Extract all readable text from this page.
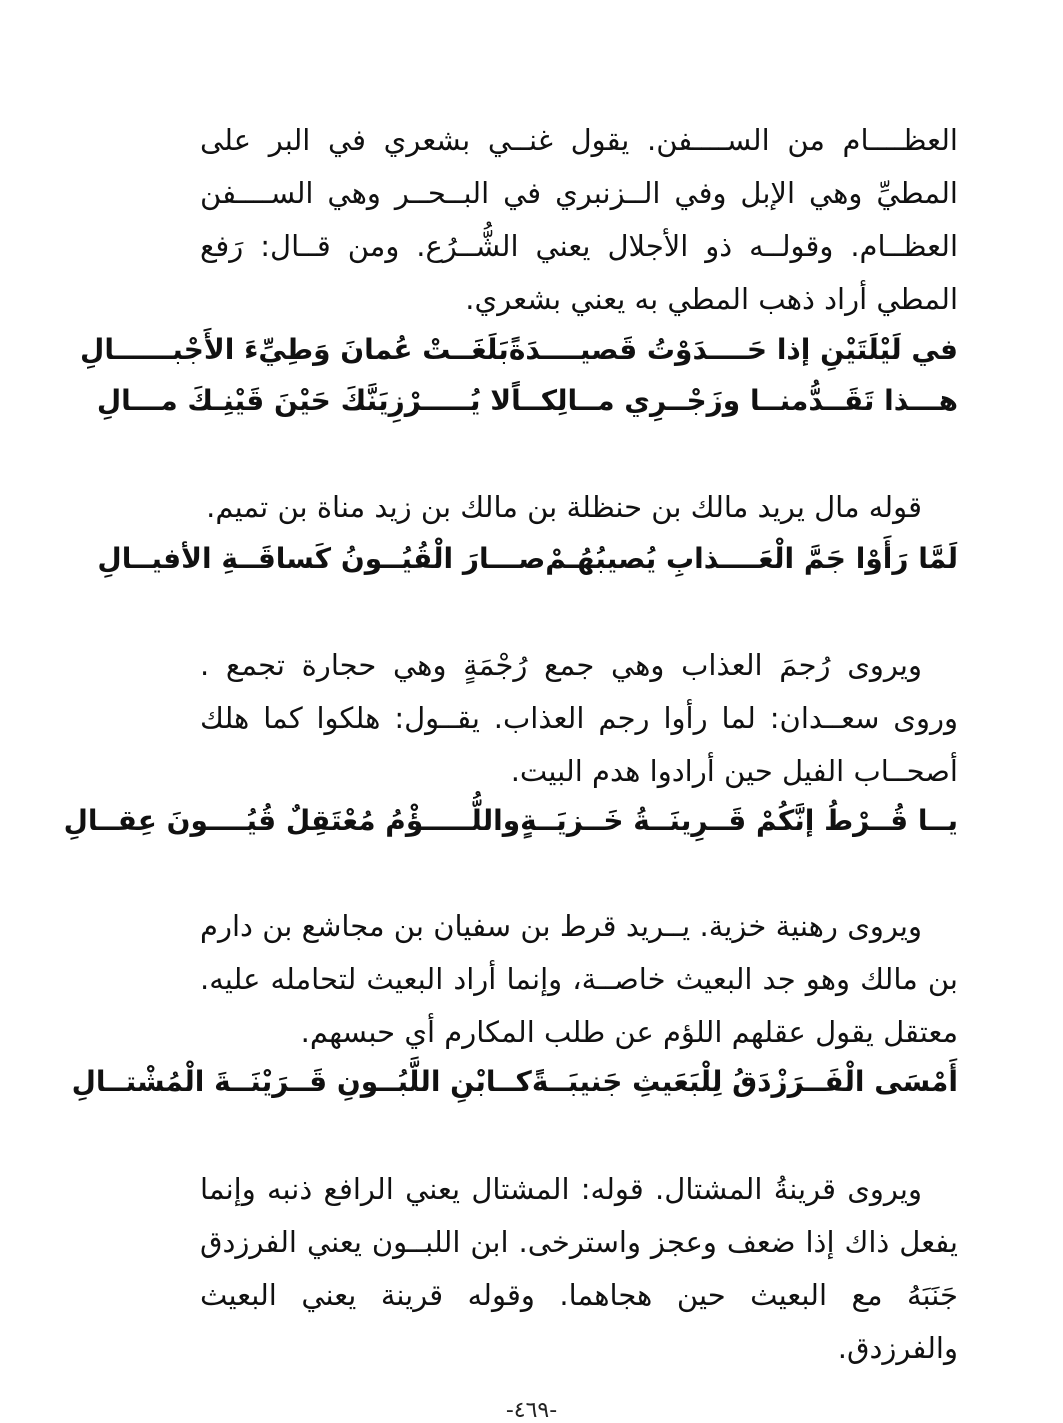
العظــــام من الســــفن. يقول غنــي بشعري في البر على المطيِّ وهي الإبل وفي الــزنبري في البــحــر وهي الســــفن العظــام. وقولــه ذو الأجلال يعني الشُّــرُع. ومن قــال: رَفع المطي أراد ذهب المطي به يعني بشعري.

في لَيْلَتَيْنِ إذا حَــــدَوْتُ قَصيــــدَةً
بَلَغَــتْ عُمانَ وَطِيِّءَ الأَجْبــــــالِ
هـــذا تَقَــدُّمنــا وزَجْــرِي مــالِكــاً
لا يُـــــرْزِيَنَّكَ حَيْنَ قَيْنِـكَ مـــالِ

قوله مال يريد مالك بن حنظلة بن مالك بن زيد مناة بن تميم.

لَمَّا رَأَوْا جَمَّ الْعَــــذابِ يُصيبُهُـمْ
صـــارَ الْقُيُــونُ كَساقَــةِ الأفيــالِ

ويروى رُجمَ العذاب وهي جمع رُجْمَةٍ وهي حجارة تجمع . وروى سعــدان: لما رأوا رجم العذاب. يقــول: هلكوا كما هلك أصحــاب الفيل حين أرادوا هدم البيت.

يــا قُــرْطُ إنَّكُمْ قَــرِينَــةُ خَــزيَــةٍ
واللُّـــــؤْمُ مُعْتَقِلٌ قُيُــــونَ عِقــالِ

ويروى رهنية خزية. يــريد قرط بن سفيان بن مجاشع بن دارم بن مالك وهو جد البعيث خاصــة، وإنما أراد البعيث لتحامله عليه. معتقل يقول عقلهم اللؤم عن طلب المكارم أي حبسهم.

أَمْسَى الْفَــرَزْدَقُ لِلْبَعَيثِ جَنيبَــةً
كــابْنِ اللَّبُــونِ قَــرَيْنَــةَ الْمُشْتــالِ

ويروى قرينةُ المشتال. قوله: المشتال يعني الرافع ذنبه وإنما يفعل ذاك إذا ضعف وعجز واسترخى. ابن اللبــون يعني الفرزدق جَنَبَهُ مع البعيث حين هجاهما. وقوله قرينة يعني البعيث والفرزدق.

-٤٦٩-
